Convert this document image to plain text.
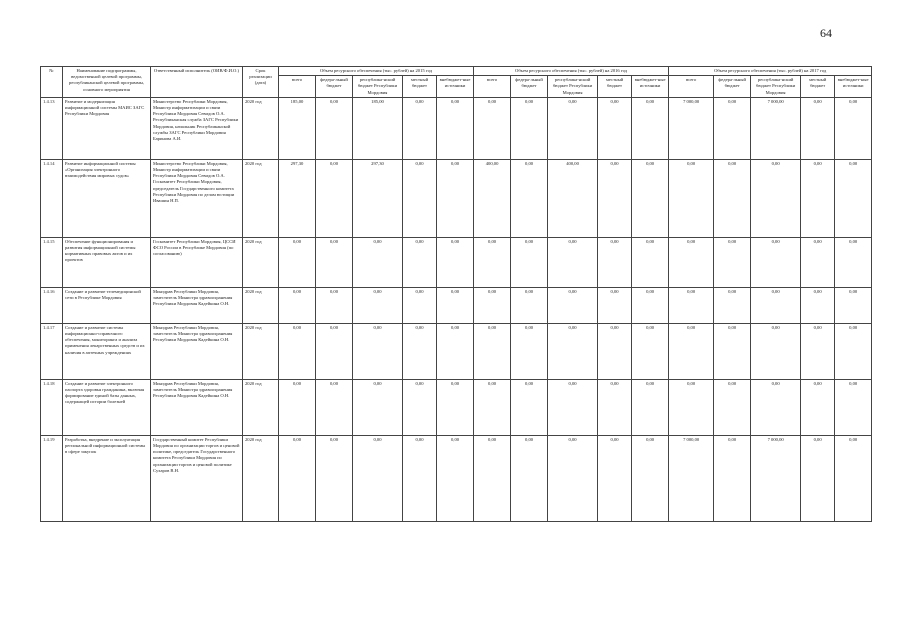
64
№	Наименование подпрограммы, ведомственной целевой программы, республиканской целевой программы, основного мероприятия	Ответственный исполнитель (ОИВ/Ф.И.О.)	Срок реализации (дата)	Объем ресурсного обеспечения (тыс. рублей) на 2015 год					Объем ресурсного обеспечения (тыс. рублей) на 2016 год					Объем ресурсного обеспечения (тыс. рублей) на 2017 год				
				всего	федера-льный бюджет	республика-нский бюджет Республики Мордовия	местный бюджет	внебюджет-ные источники	всего	федера-льный бюджет	республика-нский бюджет Республики Мордовия	местный бюджет	внебюджет-ные источники	всего	федера-льный бюджет	республика-нский бюджет Республики Мордовия	местный бюджет	внебюджет-ные источники
1.4.13	Развитие и модернизация информационной системы МАИС ЗАГС Республики Мордовия	Министерство Республики Мордовия, Министр информатизации и связи Республики Мордовия Севидов О.А. Республиканская служба ЗАГС Республики Мордовия, начальник Республиканской службы ЗАГС Республики Мордовия Баринова А.И.	2020 год	185,00	0,00	185,00	0,00	0,00	0,00	0,00	0,00	0,00	0,00	7 000,00	0,00	7 000,00	0,00	0,00
1.4.14	Развитие информационной системы «Организация электронного взаимодействия мировых судов»	Министерство Республики Мордовия, Министр информатизации и связи Республики Мордовия Севидов О.А. Госкомитет Республики Мордовия, председатель Государственного комитета Республики Мордовия по делам юстиции Ивашин Н.П.	2020 год	297,30	0,00	297,30	0,00	0,00	400,00	0,00	400,00	0,00	0,00	0,00	0,00	0,00	0,00	0,00
1.4.15	Обеспечение функционирования и развития информационной системы нормативных правовых актов и их проектов	Госкомитет Республики Мордовия, ЦССИ ФСО России в Республике Мордовия (по согласованию)	2020 год	0,00	0,00	0,00	0,00	0,00	0,00	0,00	0,00	0,00	0,00	0,00	0,00	0,00	0,00	0,00
1.4.16	Создание и развитие телемедицинской сети в Республике Мордовия	Минздрав Республики Мордовия, заместитель Министра здравоохранения Республики Мордовия Кадейкина О.Н.	2020 год	0,00	0,00	0,00	0,00	0,00	0,00	0,00	0,00	0,00	0,00	0,00	0,00	0,00	0,00	0,00
1.4.17	Создание и развитие системы информационно-справочного обеспечения, мониторинга и анализа применения лекарственных средств и их наличия в аптечных учреждениях	Минздрав Республики Мордовия, заместитель Министра здравоохранения Республики Мордовия Кадейкина О.Н.	2020 год	0,00	0,00	0,00	0,00	0,00	0,00	0,00	0,00	0,00	0,00	0,00	0,00	0,00	0,00	0,00
1.4.18	Создание и развитие электронного паспорта здоровья гражданина, включая формирование единой базы данных, содержащей истории болезней	Минздрав Республики Мордовия, заместитель Министра здравоохранения Республики Мордовия Кадейкина О.Н.	2020 год	0,00	0,00	0,00	0,00	0,00	0,00	0,00	0,00	0,00	0,00	0,00	0,00	0,00	0,00	0,00
1.4.19	Разработка, внедрение и эксплуатация региональной информационной системы в сфере закупок	Государственный комитет Республики Мордовия по организации торгов и ценовой политике, председатель Государственного комитета Республики Мордовия по организации торгов и ценовой политике Сухаров В.Н.	2020 год	0,00	0,00	0,00	0,00	0,00	0,00	0,00	0,00	0,00	0,00	7 000,00	0,00	7 000,00	0,00	0,00
